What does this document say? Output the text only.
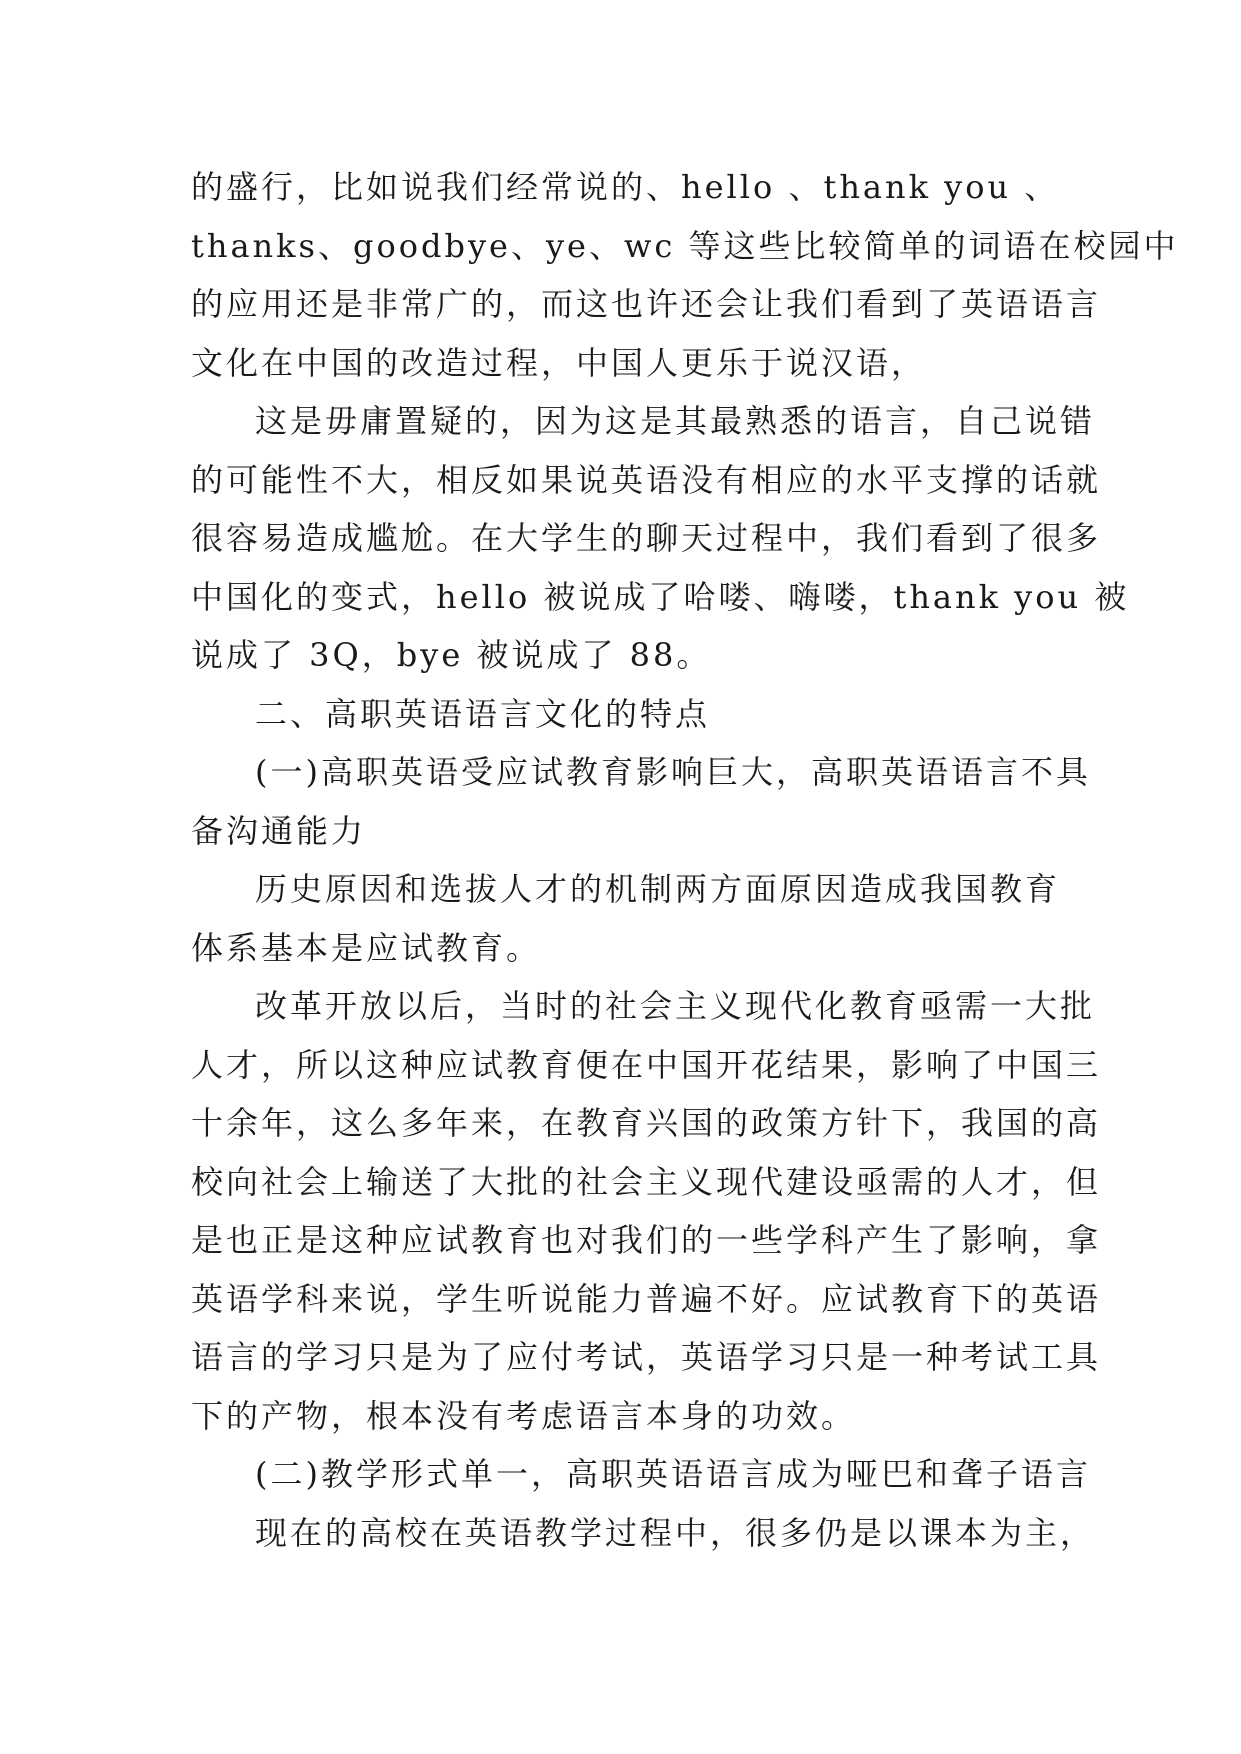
的盛行，比如说我们经常说的、hello 、thank you 、
thanks、goodbye、ye、wc 等这些比较简单的词语在校园中
的应用还是非常广的，而这也许还会让我们看到了英语语言
文化在中国的改造过程，中国人更乐于说汉语，
这是毋庸置疑的，因为这是其最熟悉的语言，自己说错
的可能性不大，相反如果说英语没有相应的水平支撑的话就
很容易造成尴尬。在大学生的聊天过程中，我们看到了很多
中国化的变式，hello 被说成了哈喽、嗨喽，thank you 被
说成了 3Q，bye 被说成了 88。
二、高职英语语言文化的特点
(一)高职英语受应试教育影响巨大，高职英语语言不具
备沟通能力
历史原因和选拔人才的机制两方面原因造成我国教育
体系基本是应试教育。
改革开放以后，当时的社会主义现代化教育亟需一大批
人才，所以这种应试教育便在中国开花结果，影响了中国三
十余年，这么多年来，在教育兴国的政策方针下，我国的高
校向社会上输送了大批的社会主义现代建设亟需的人才，但
是也正是这种应试教育也对我们的一些学科产生了影响，拿
英语学科来说，学生听说能力普遍不好。应试教育下的英语
语言的学习只是为了应付考试，英语学习只是一种考试工具
下的产物，根本没有考虑语言本身的功效。
(二)教学形式单一，高职英语语言成为哑巴和聋子语言
现在的高校在英语教学过程中，很多仍是以课本为主，
